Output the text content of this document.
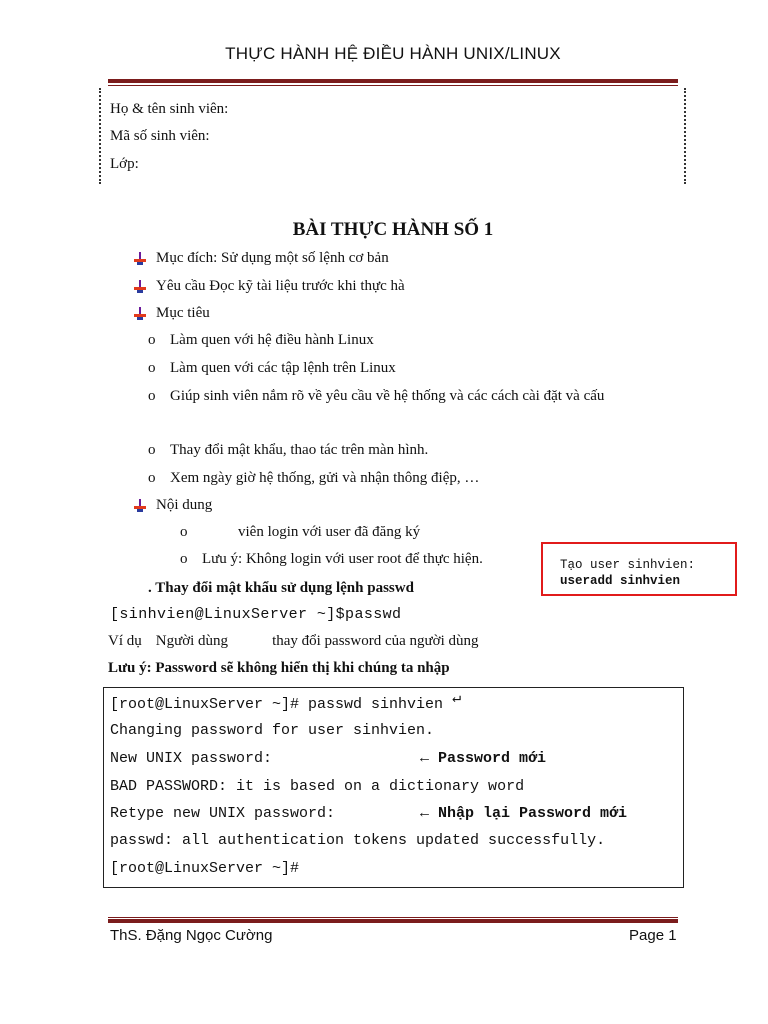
THỰC HÀNH HỆ ĐIỀU HÀNH UNIX/LINUX
Họ & tên sinh viên:
Mã số sinh viên:
Lớp:
BÀI THỰC HÀNH SỐ 1
Mục đích: Sử dụng một số lệnh cơ bản
Yêu cầu Đọc kỹ tài liệu trước khi thực hà
Mục tiêu
o Làm quen với hệ điều hành Linux
o Làm quen với các tập lệnh trên Linux
o Giúp sinh viên nắm rõ về yêu cầu về hệ thống và các cách cài đặt và cấu
o Thay đổi mật khẩu, thao tác trên màn hình.
o Xem ngày giờ hệ thống, gửi và nhận thông điệp, …
Nội dung
o	viên login với user đã đăng ký
o Lưu ý: Không login với user root để thực hiện.	Tạo user sinhvien:
useradd sinhvien
. Thay đổi mật khẩu sử dụng lệnh passwd
[sinhvien@LinuxServer ~]$passwd
Ví dụ Người dùng	thay đổi password của người dùng
Lưu ý: Password sẽ không hiển thị khi chúng ta nhập
[root@LinuxServer ~]# passwd sinhvien ↵
Changing password for user sinhvien.
New UNIX password:	← Password mới
BAD PASSWORD: it is based on a dictionary word
Retype new UNIX password:	← Nhập lại Password mới
passwd: all authentication tokens updated successfully.
[root@LinuxServer ~]#
ThS. Đặng Ngọc Cường	Page 1
